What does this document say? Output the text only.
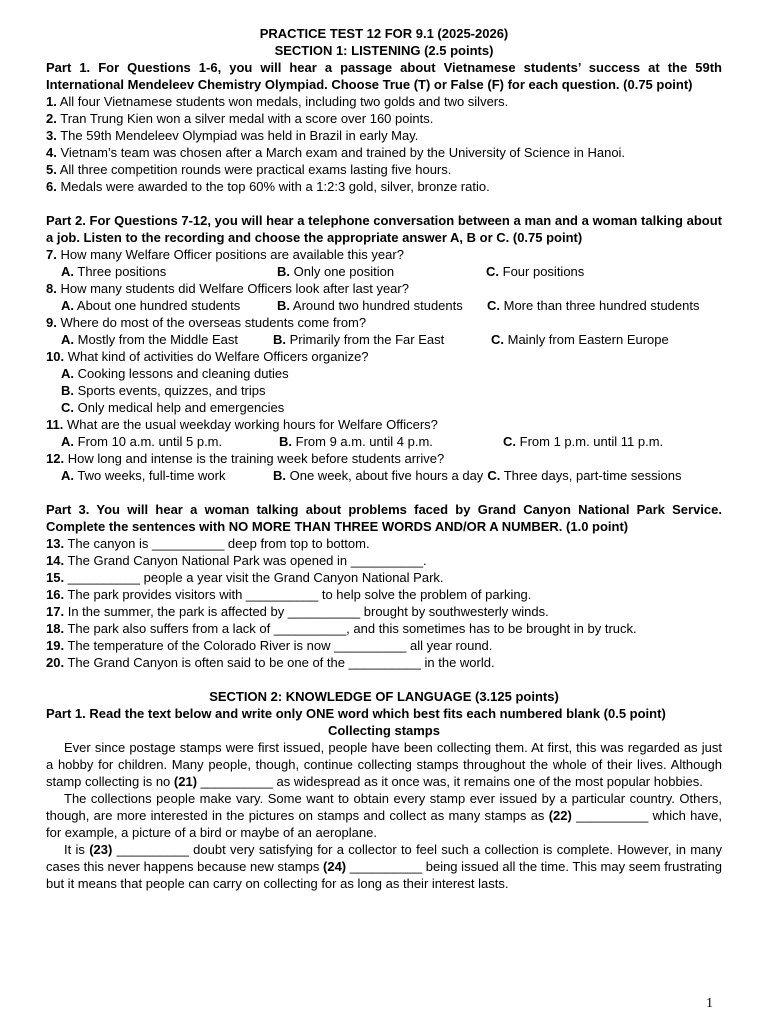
PRACTICE TEST 12 FOR 9.1 (2025-2026)
SECTION 1: LISTENING (2.5 points)
Part 1. For Questions 1-6, you will hear a passage about Vietnamese students’ success at the 59th International Mendeleev Chemistry Olympiad. Choose True (T) or False (F) for each question. (0.75 point)
1. All four Vietnamese students won medals, including two golds and two silvers.
2. Tran Trung Kien won a silver medal with a score over 160 points.
3. The 59th Mendeleev Olympiad was held in Brazil in early May.
4. Vietnam’s team was chosen after a March exam and trained by the University of Science in Hanoi.
5. All three competition rounds were practical exams lasting five hours.
6. Medals were awarded to the top 60% with a 1:2:3 gold, silver, bronze ratio.
Part 2. For Questions 7-12, you will hear a telephone conversation between a man and a woman talking about a job. Listen to the recording and choose the appropriate answer A, B or C. (0.75 point)
7. How many Welfare Officer positions are available this year?
A. Three positions	B. Only one position	C. Four positions
8. How many students did Welfare Officers look after last year?
A. About one hundred students	B. Around two hundred students	C. More than three hundred students
9. Where do most of the overseas students come from?
A. Mostly from the Middle East	B. Primarily from the Far East	C. Mainly from Eastern Europe
10. What kind of activities do Welfare Officers organize?
A. Cooking lessons and cleaning duties
B. Sports events, quizzes, and trips
C. Only medical help and emergencies
11. What are the usual weekday working hours for Welfare Officers?
A. From 10 a.m. until 5 p.m.	B. From 9 a.m. until 4 p.m.	C. From 1 p.m. until 11 p.m.
12. How long and intense is the training week before students arrive?
A. Two weeks, full-time work	B. One week, about five hours a day C. Three days, part-time sessions
Part 3. You will hear a woman talking about problems faced by Grand Canyon National Park Service. Complete the sentences with NO MORE THAN THREE WORDS AND/OR A NUMBER. (1.0 point)
13. The canyon is __________ deep from top to bottom.
14. The Grand Canyon National Park was opened in __________.
15. __________ people a year visit the Grand Canyon National Park.
16. The park provides visitors with __________ to help solve the problem of parking.
17. In the summer, the park is affected by __________ brought by southwesterly winds.
18. The park also suffers from a lack of __________, and this sometimes has to be brought in by truck.
19. The temperature of the Colorado River is now __________ all year round.
20. The Grand Canyon is often said to be one of the __________ in the world.
SECTION 2: KNOWLEDGE OF LANGUAGE (3.125 points)
Part 1. Read the text below and write only ONE word which best fits each numbered blank (0.5 point)
Collecting stamps
Ever since postage stamps were first issued, people have been collecting them. At first, this was regarded as just a hobby for children. Many people, though, continue collecting stamps throughout the whole of their lives. Although stamp collecting is no (21) __________ as widespread as it once was, it remains one of the most popular hobbies.
The collections people make vary. Some want to obtain every stamp ever issued by a particular country. Others, though, are more interested in the pictures on stamps and collect as many stamps as (22) __________ which have, for example, a picture of a bird or maybe of an aeroplane.
It is (23) __________ doubt very satisfying for a collector to feel such a collection is complete. However, in many cases this never happens because new stamps (24) __________ being issued all the time. This may seem frustrating but it means that people can carry on collecting for as long as their interest lasts.
1
